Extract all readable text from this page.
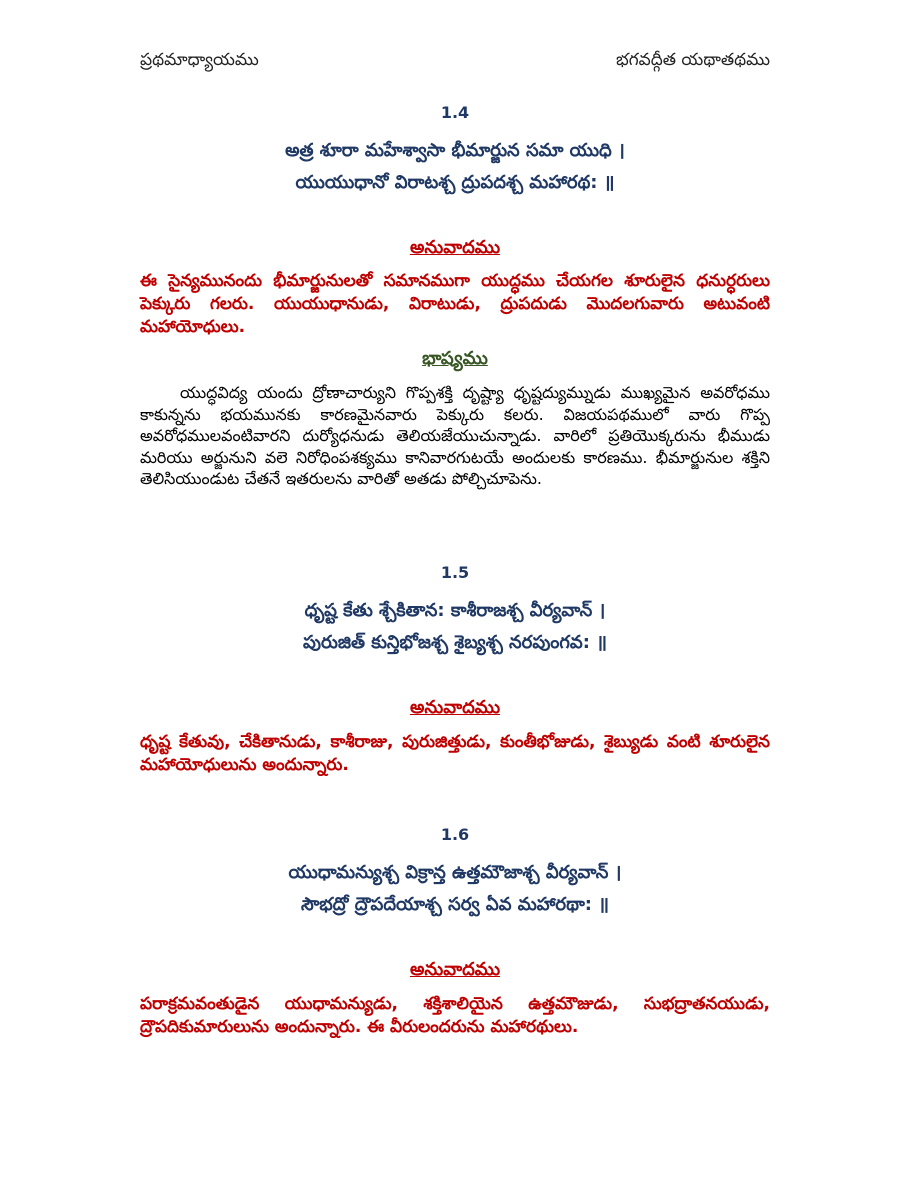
ప్రథమాధ్యాయము	భగవద్గీత యథాతథము
1.4
అత్ర శూరా మహేశ్వాసా భీమార్జున సమా యుధి ।
యుయుధానో విరాటశ్చ ద్రుపదశ్చ మహారథ: ॥
అనువాదము
ఈ సైన్యమునందు భీమార్జునులతో సమానముగా యుద్ధము చేయగల శూరులైన ధనుర్ధరులు పెక్కురు గలరు. యుయుధానుడు, విరాటుడు, ద్రుపదుడు మొదలగువారు అటువంటి మహాయోధులు.
భాష్యము
యుద్ధవిద్య యందు ద్రోణాచార్యుని గొప్పశక్తి దృష్ట్యా ధృష్టద్యుమ్నుడు ముఖ్యమైన అవరోధము కాకున్నను భయమునకు కారణమైనవారు పెక్కురు కలరు. విజయపథములో వారు గొప్ప అవరోధములవంటివారని దుర్యోధనుడు తెలియజేయుచున్నాడు. వారిలో ప్రతియొక్కరును భీముడు మరియు అర్జునుని వలె నిరోధింపశక్యము కానివారగుటయే అందులకు కారణము. భీమార్జునుల శక్తిని తెలిసియుండుట చేతనే ఇతరులను వారితో అతడు పోల్చిచూపెను.
1.5
ధృష్ట కేతు శ్చేకితాన: కాశీరాజశ్చ వీర్యవాన్ ।
పురుజిత్ కున్తిభోజశ్చ శైబ్యశ్చ నరపుంగవ: ॥
అనువాదము
ధృష్ట కేతువు, చేకితానుడు, కాశీరాజు, పురుజిత్తుడు, కుంతీభోజుడు, శైబ్యుడు వంటి శూరులైన మహాయోధులును అందున్నారు.
1.6
యుధామన్యుశ్చ విక్రాన్త ఉత్తమౌజాశ్చ వీర్యవాన్ ।
సౌభద్రో ద్రౌపదేయాశ్చ సర్వ ఏవ మహారథా: ॥
అనువాదము
పరాక్రమవంతుడైన యుధామన్యుడు, శక్తిశాలియైన ఉత్తమౌజుడు, సుభద్రాతనయుడు, ద్రౌపదికుమారులును అందున్నారు. ఈ వీరులందరును మహారథులు.
